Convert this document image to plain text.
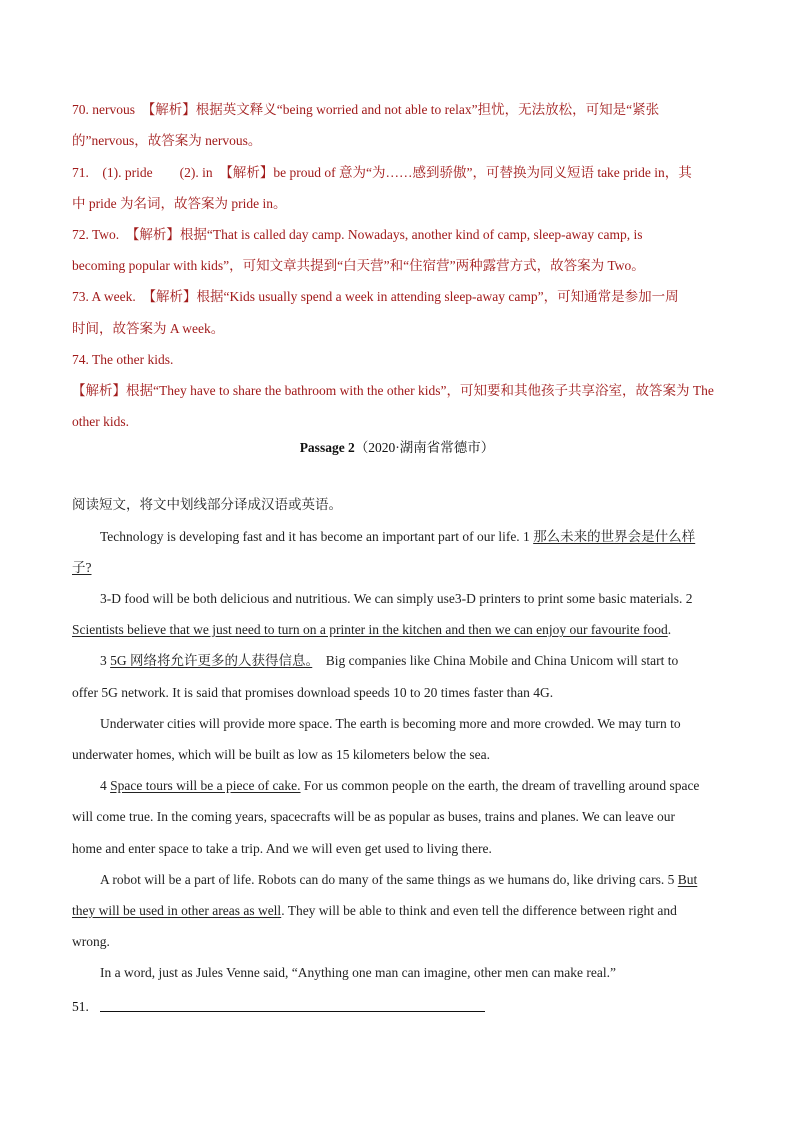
70. nervous　【解析】根据英文释义“being worried and not able to relax”担忧，无法放松，可知是“紧张
的”nervous，故答案为 nervous。
71.　(1). pride　　(2). in　【解析】be proud of 意为“为……感到骄傲”，可替换为同义短语 take pride in，其
中 pride 为名词，故答案为 pride in。
72. Two.　【解析】根据“That is called day camp. Nowadays, another kind of camp, sleep-away camp, is
becoming popular with kids”，可知文章共提到“白天营”和“住宿营”两种露营方式，故答案为 Two。
73. A week.　【解析】根据“Kids usually spend a week in attending sleep-away camp”，可知通常是参加一周
时间，故答案为 A week。
74. The other kids.
【解析】根据“They have to share the bathroom with the other kids”，可知要和其他孩子共享浴室，故答案为 The
other kids.
Passage 2（2020·湖南省常德市）
阅读短文，将文中划线部分译成汉语或英语。
Technology is developing fast and it has become an important part of our life. 1 那么未来的世界会是什么样
子?
3-D food will be both delicious and nutritious. We can simply use3-D printers to print some basic materials. 2
Scientists believe that we just need to turn on a printer in the kitchen and then we can enjoy our favourite food.
3 5G 网络将允许更多的人获得信息。　Big companies like China Mobile and China Unicom will start to
offer 5G network. It is said that promises download speeds 10 to 20 times faster than 4G.
Underwater cities will provide more space. The earth is becoming more and more crowded. We may turn to
underwater homes, which will be built as low as 15 kilometers below the sea.
4 Space tours will be a piece of cake. For us common people on the earth, the dream of travelling around space
will come true. In the coming years, spacecrafts will be as popular as buses, trains and planes. We can leave our
home and enter space to take a trip. And we will even get used to living there.
A robot will be a part of life. Robots can do many of the same things as we humans do, like driving cars. 5 But
they will be used in other areas as well. They will be able to think and even tell the difference between right and
wrong.
In a word, just as Jules Venne said, “Anything one man can imagine, other men can make real.”
51.
